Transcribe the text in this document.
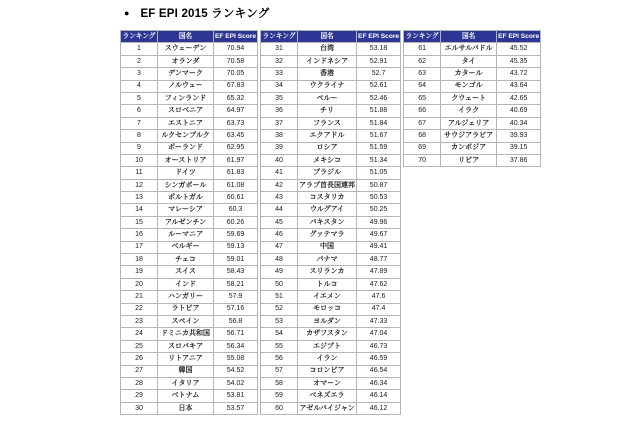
● EF EPI 2015 ランキング
ランキング	国名	EF EPI Score
1	スウェーデン	70.94
2	オランダ	70.58
3	デンマーク	70.05
4	ノルウェー	67.83
5	フィンランド	65.32
6	スロベニア	64.97
7	エストニア	63.73
8	ルクセンブルク	63.45
9	ポーランド	62.95
10	オーストリア	61.97
11	ドイツ	61.83
12	シンガポール	61.08
13	ポルトガル	60.61
14	マレーシア	60.3
15	アルゼンチン	60.26
16	ルーマニア	59.69
17	ベルギー	59.13
18	チェコ	59.01
19	スイス	58.43
20	インド	58.21
21	ハンガリー	57.9
22	ラトビア	57.16
23	スペイン	56.8
24	ドミニカ共和国	56.71
25	スロバキア	56.34
26	リトアニア	55.08
27	韓国	54.52
28	イタリア	54.02
29	ベトナム	53.81
30	日本	53.57
ランキング	国名	EF EPI Score
31	台湾	53.18
32	インドネシア	52.91
33	香港	52.7
34	ウクライナ	52.61
35	ペルー	52.46
36	チリ	51.88
37	フランス	51.84
38	エクアドル	51.67
39	ロシア	51.59
40	メキシコ	51.34
41	ブラジル	51.05
42	アラブ首長国連邦	50.87
43	コスタリカ	50.53
44	ウルグアイ	50.25
45	パキスタン	49.96
46	グァテマラ	49.67
47	中国	49.41
48	パナマ	48.77
49	スリランカ	47.89
50	トルコ	47.62
51	イエメン	47.6
52	モロッコ	47.4
53	ヨルダン	47.33
54	カザフスタン	47.04
55	エジプト	46.73
56	イラン	46.59
57	コロンビア	46.54
58	オマーン	46.34
59	ベネズエラ	46.14
60	アゼルバイジャン	46.12
ランキング	国名	EF EPI Score
61	エルサルバドル	45.52
62	タイ	45.35
63	カタール	43.72
64	モンゴル	43.64
65	クウェート	42.65
66	イラク	40.69
67	アルジェリア	40.34
68	サウジアラビア	39.93
69	カンボジア	39.15
70	リビア	37.86
